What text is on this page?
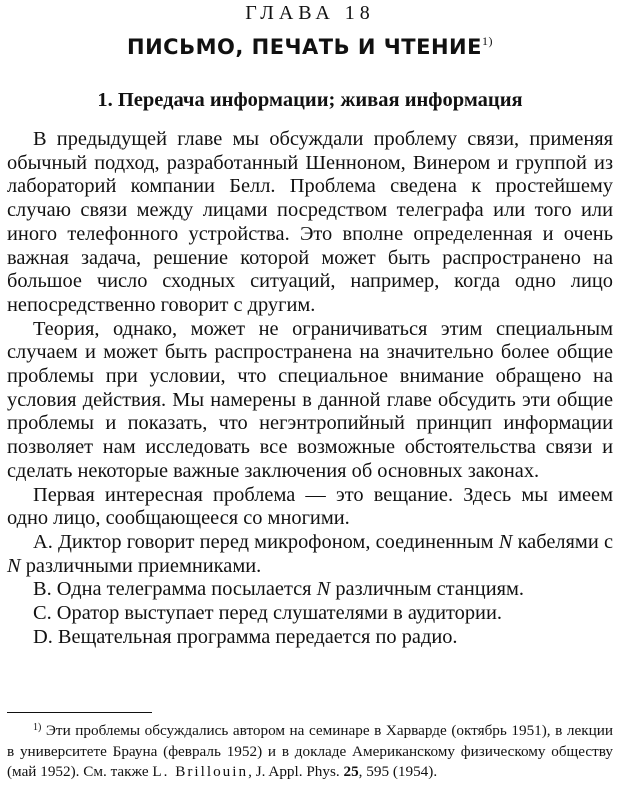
ГЛАВА 18
ПИСЬМО, ПЕЧАТЬ И ЧТЕНИЕ$^{1)}$
1. Передача информации; живая информация

В предыдущей главе мы обсуждали проблему связи, применяя обычный подход, разработанный Шенноном, Винером и группой из лабораторий компании Белл. Проблема сведена к простейшему случаю связи между лицами посредством телеграфа или того или иного телефонного устройства. Это вполне определенная и очень важная задача, решение которой может быть распространено на большое число сходных ситуаций, например, когда одно лицо непосредственно говорит с другим.

Теория, однако, может не ограничиваться этим специальным случаем и может быть распространена на значительно более общие проблемы при условии, что специальное внимание обращено на условия действия. Мы намерены в данной главе обсудить эти общие проблемы и показать, что негэнтропийный принцип информации позволяет нам исследовать все возможные обстоятельства связи и сделать некоторые важные заключения об основных законах.

Первая интересная проблема — это вещание. Здесь мы имеем одно лицо, сообщающееся со многими.

A. Диктор говорит перед микрофоном, соединенным N кабелями с N различными приемниками.

B. Одна телеграмма посылается N различным станциям.

C. Оратор выступает перед слушателями в аудитории.

D. Вещательная программа передается по радио.

$^{1)}$ Эти проблемы обсуждались автором на семинаре в Харварде (октябрь 1951), в лекции в университете Брауна (февраль 1952) и в докладе Американскому физическому обществу (май 1952). См. также L. Brillouin, J. Appl. Phys. 25, 595 (1954).
